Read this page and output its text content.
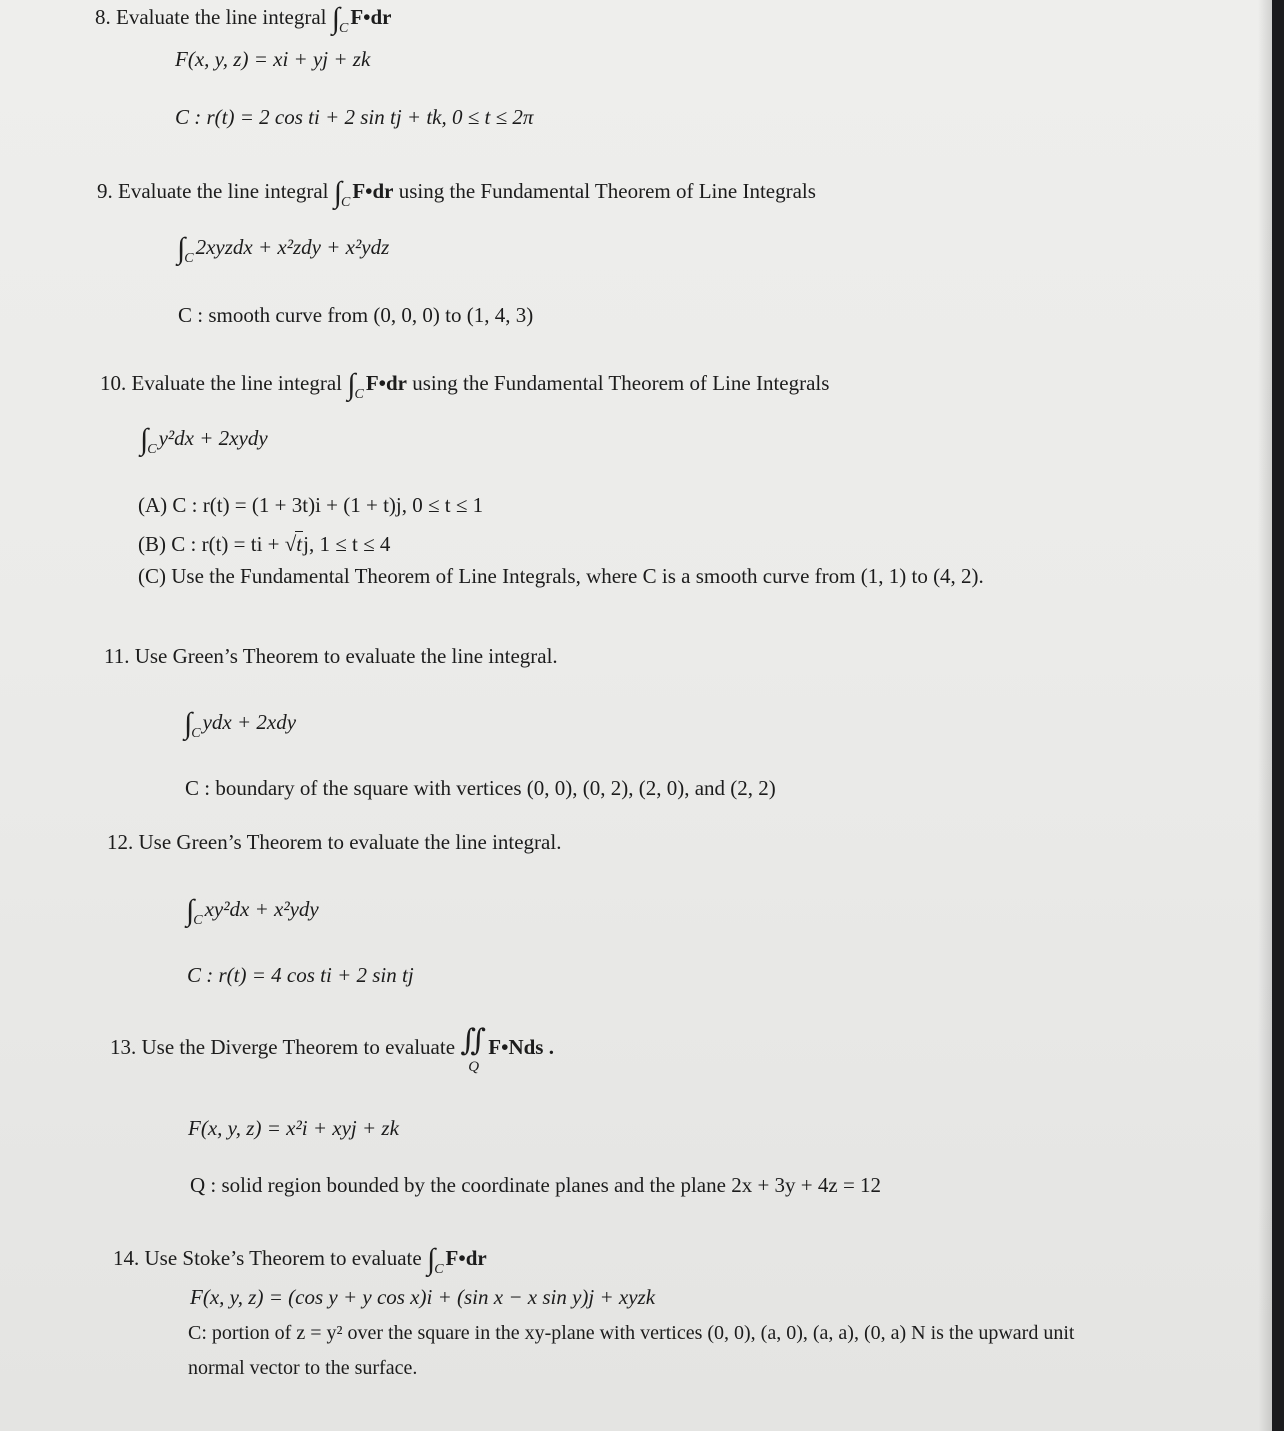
8. Evaluate the line integral $\int_CF•dr$
F(x, y, z) = xi + yj + zk
C : r(t) = 2 cos ti + 2 sin tj + tk, 0 ≤ t ≤ 2π
9. Evaluate the line integral $\int_CF•dr$ using the Fundamental Theorem of Line Integrals
$\int_C2xyzdx + x^2zdy + x^2ydz$
C : smooth curve from (0, 0, 0) to (1, 4, 3)
10. Evaluate the line integral $\int_CF•dr$ using the Fundamental Theorem of Line Integrals
$\int_Cy^2dx$ + 2xydy
(A) C : r(t) = (1 + 3t)i + (1 + t)j, 0 ≤ t ≤ 1
(B) C : r(t) = ti + √tj, 1 ≤ t ≤ 4
(C) Use the Fundamental Theorem of Line Integrals, where C is a smooth curve from (1, 1) to (4, 2).
11. Use Green’s Theorem to evaluate the line integral.
$\int_Cydx + 2xdy$
C : boundary of the square with vertices (0, 0), (0, 2), (2, 0), and (2, 2)
12. Use Green’s Theorem to evaluate the line integral.
$\int_Cxy^2dx + x^2ydy$
C : r(t) = 4 cos ti + 2 sin tj
13. Use the Diverge Theorem to evaluate ∬
Q
F•Nds .
F(x, y, z) = x²i + xyj + zk
Q : solid region bounded by the coordinate planes and the plane 2x + 3y + 4z = 12
14. Use Stoke’s Theorem to evaluate $\int_CF•dr$
F(x, y, z) = (cos y + y cos x)i + (sin x − x sin y)j + xyzk
C: portion of z = y² over the square in the xy-plane with vertices (0, 0), (a, 0), (a, a), (0, a) N is the upward unit
normal vector to the surface.
